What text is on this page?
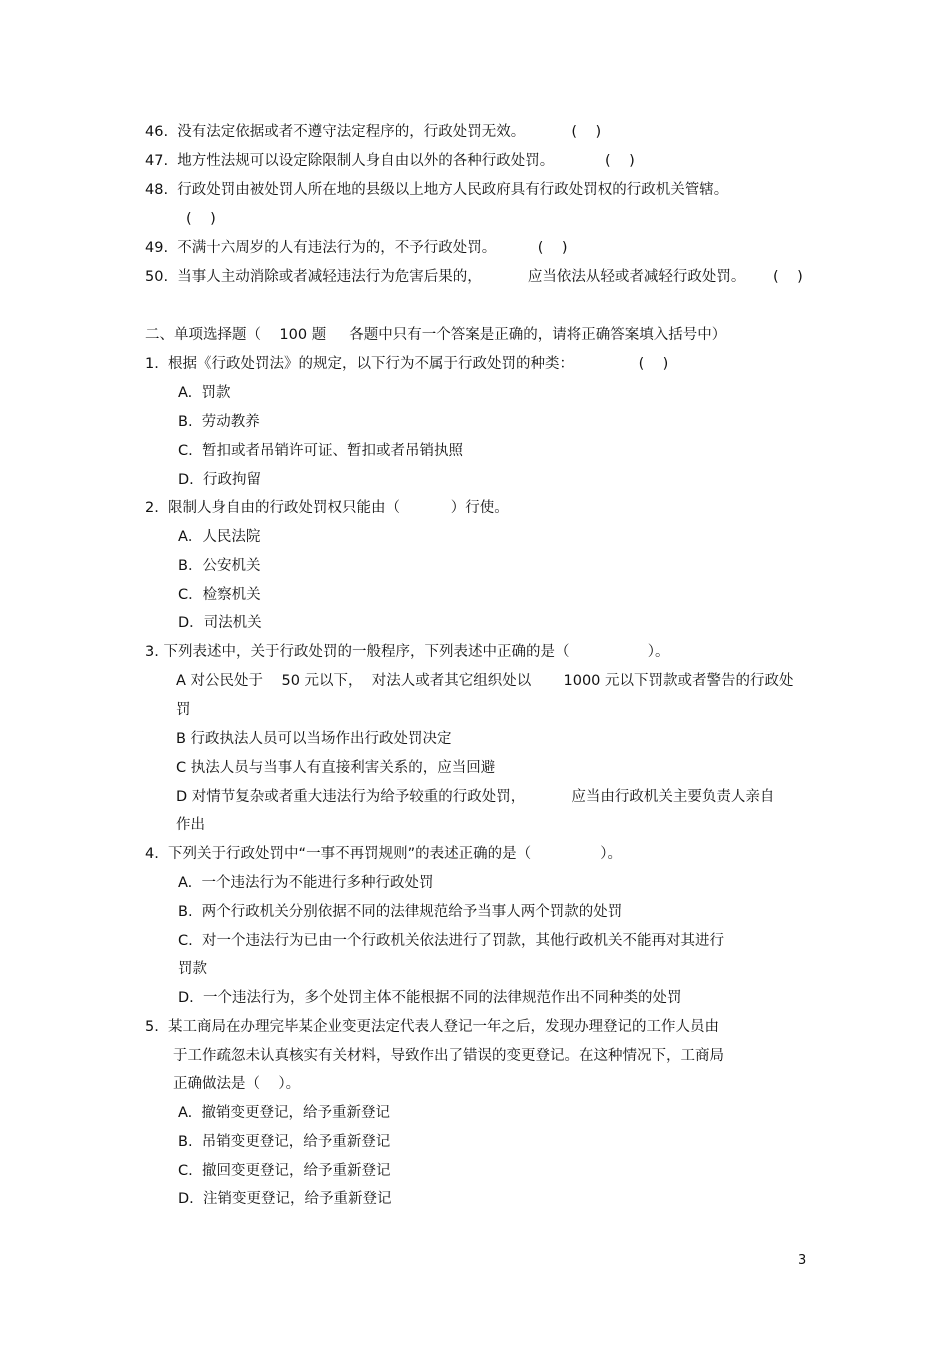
46.  没有法定依据或者不遵守法定程序的，行政处罚无效。          (    )
47.  地方性法规可以设定除限制人身自由以外的各种行政处罚。           (    )
48.  行政处罚由被处罚人所在地的县级以上地方人民政府具有行政处罚权的行政机关管辖。
(    )
49.  不满十六周岁的人有违法行为的，不予行政处罚。         (    )
50.  当事人主动消除或者减轻违法行为危害后果的，          应当依法从轻或者减轻行政处罚。      (    )
二、单项选择题（    100 题     各题中只有一个答案是正确的，请将正确答案填入括号中）
1.  根据《行政处罚法》的规定，以下行为不属于行政处罚的种类：              (    )
A.  罚款
B.  劳动教养
C.  暂扣或者吊销许可证、暂扣或者吊销执照
D.  行政拘留
2.  限制人身自由的行政处罚权只能由（           ）行使。
A．人民法院
B．公安机关
C．检察机关
D．司法机关
3. 下列表述中，关于行政处罚的一般程序，下列表述中正确的是（                 ）。
A 对公民处于    50 元以下，  对法人或者其它组织处以       1000 元以下罚款或者警告的行政处
罚
B 行政执法人员可以当场作出行政处罚决定
C 执法人员与当事人有直接利害关系的，应当回避
D 对情节复杂或者重大违法行为给予较重的行政处罚，          应当由行政机关主要负责人亲自
作出
4.  下列关于行政处罚中“一事不再罚规则”的表述正确的是（               ）。
A.  一个违法行为不能进行多种行政处罚
B.  两个行政机关分别依据不同的法律规范给予当事人两个罚款的处罚
C.  对一个违法行为已由一个行政机关依法进行了罚款，其他行政机关不能再对其进行
罚款
D.  一个违法行为，多个处罚主体不能根据不同的法律规范作出不同种类的处罚
5.  某工商局在办理完毕某企业变更法定代表人登记一年之后，发现办理登记的工作人员由
于工作疏忽未认真核实有关材料，导致作出了错误的变更登记。在这种情况下，工商局
正确做法是（    ）。
A.  撤销变更登记，给予重新登记
B.  吊销变更登记，给予重新登记
C.  撤回变更登记，给予重新登记
D.  注销变更登记，给予重新登记
3
